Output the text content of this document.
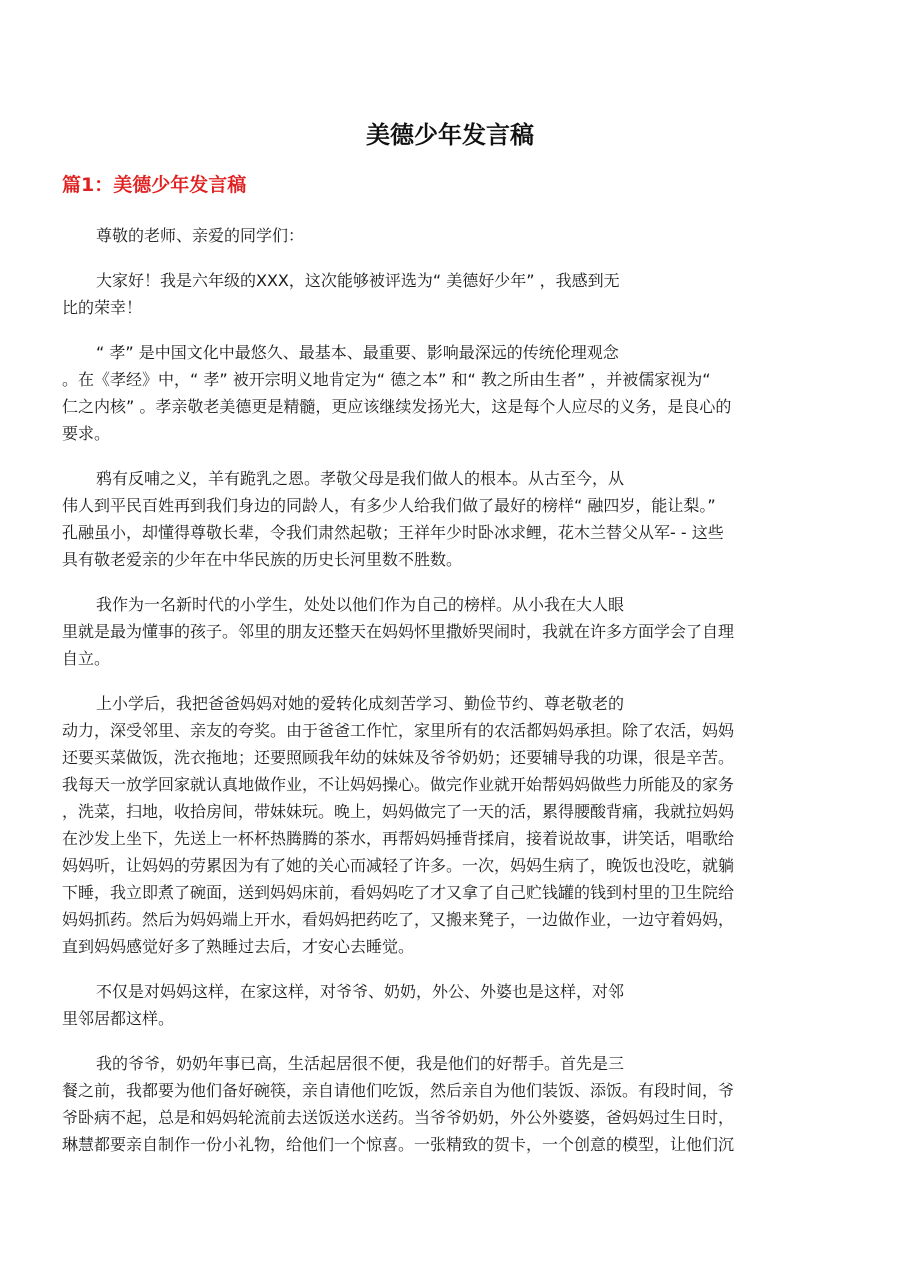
美德少年发言稿
篇1：美德少年发言稿
尊敬的老师、亲爱的同学们：
大家好！我是六年级的XXX，这次能够被评选为“ 美德好少年” ，我感到无
比的荣幸！
“ 孝” 是中国文化中最悠久、最基本、最重要、影响最深远的传统伦理观念
。在《孝经》中，“ 孝” 被开宗明义地肯定为“ 德之本” 和“ 教之所由生者” ，并被儒家视为“
仁之内核” 。孝亲敬老美德更是精髓，更应该继续发扬光大，这是每个人应尽的义务，是良心的
要求。
鸦有反哺之义，羊有跪乳之恩。孝敬父母是我们做人的根本。从古至今，从
伟人到平民百姓再到我们身边的同龄人，有多少人给我们做了最好的榜样“ 融四岁，能让梨。”
孔融虽小，却懂得尊敬长辈，令我们肃然起敬；王祥年少时卧冰求鲤，花木兰替父从军- - 这些
具有敬老爱亲的少年在中华民族的历史长河里数不胜数。
我作为一名新时代的小学生，处处以他们作为自己的榜样。从小我在大人眼
里就是最为懂事的孩子。邻里的朋友还整天在妈妈怀里撒娇哭闹时，我就在许多方面学会了自理
自立。
上小学后，我把爸爸妈妈对她的爱转化成刻苦学习、勤俭节约、尊老敬老的
动力，深受邻里、亲友的夸奖。由于爸爸工作忙，家里所有的农活都妈妈承担。除了农活，妈妈
还要买菜做饭，洗衣拖地；还要照顾我年幼的妹妹及爷爷奶奶；还要辅导我的功课，很是辛苦。
我每天一放学回家就认真地做作业，不让妈妈操心。做完作业就开始帮妈妈做些力所能及的家务
，洗菜，扫地，收拾房间，带妹妹玩。晚上，妈妈做完了一天的活，累得腰酸背痛，我就拉妈妈
在沙发上坐下，先送上一杯杯热腾腾的茶水，再帮妈妈捶背揉肩，接着说故事，讲笑话，唱歌给
妈妈听，让妈妈的劳累因为有了她的关心而减轻了许多。一次，妈妈生病了，晚饭也没吃，就躺
下睡，我立即煮了碗面，送到妈妈床前，看妈妈吃了才又拿了自己贮钱罐的钱到村里的卫生院给
妈妈抓药。然后为妈妈端上开水，看妈妈把药吃了，又搬来凳子，一边做作业，一边守着妈妈，
直到妈妈感觉好多了熟睡过去后，才安心去睡觉。
不仅是对妈妈这样，在家这样，对爷爷、奶奶，外公、外婆也是这样，对邻
里邻居都这样。
我的爷爷，奶奶年事已高，生活起居很不便，我是他们的好帮手。首先是三
餐之前，我都要为他们备好碗筷，亲自请他们吃饭，然后亲自为他们装饭、添饭。有段时间，爷
爷卧病不起，总是和妈妈轮流前去送饭送水送药。当爷爷奶奶，外公外婆婆，爸妈妈过生日时，
琳慧都要亲自制作一份小礼物，给他们一个惊喜。一张精致的贺卡，一个创意的模型，让他们沉
